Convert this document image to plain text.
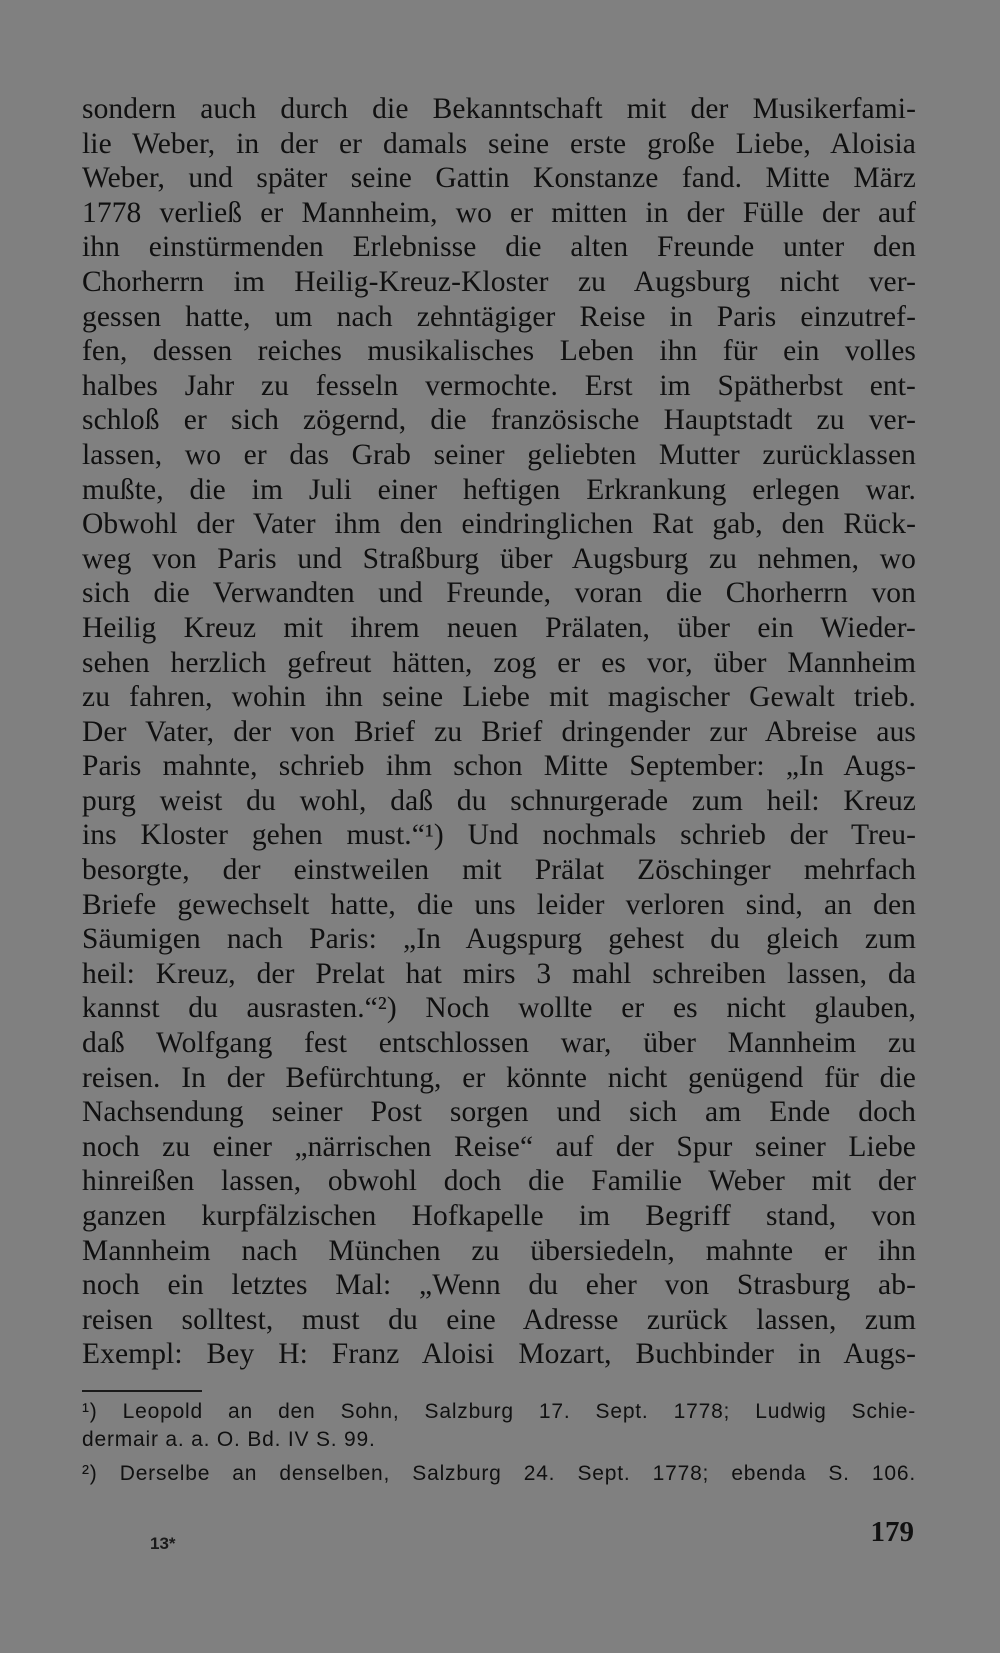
sondern auch durch die Bekanntschaft mit der Musikerfami-
lie Weber, in der er damals seine erste große Liebe, Aloisia
Weber, und später seine Gattin Konstanze fand. Mitte März
1778 verließ er Mannheim, wo er mitten in der Fülle der auf
ihn einstürmenden Erlebnisse die alten Freunde unter den
Chorherrn im Heilig-Kreuz-Kloster zu Augsburg nicht ver-
gessen hatte, um nach zehntägiger Reise in Paris einzutref-
fen, dessen reiches musikalisches Leben ihn für ein volles
halbes Jahr zu fesseln vermochte. Erst im Spätherbst ent-
schloß er sich zögernd, die französische Hauptstadt zu ver-
lassen, wo er das Grab seiner geliebten Mutter zurücklassen
mußte, die im Juli einer heftigen Erkrankung erlegen war.
Obwohl der Vater ihm den eindringlichen Rat gab, den Rück-
weg von Paris und Straßburg über Augsburg zu nehmen, wo
sich die Verwandten und Freunde, voran die Chorherrn von
Heilig Kreuz mit ihrem neuen Prälaten, über ein Wieder-
sehen herzlich gefreut hätten, zog er es vor, über Mannheim
zu fahren, wohin ihn seine Liebe mit magischer Gewalt trieb.
Der Vater, der von Brief zu Brief dringender zur Abreise aus
Paris mahnte, schrieb ihm schon Mitte September: „In Augs-
purg weist du wohl, daß du schnurgerade zum heil: Kreuz
ins Kloster gehen must.“¹) Und nochmals schrieb der Treu-
besorgte, der einstweilen mit Prälat Zöschinger mehrfach
Briefe gewechselt hatte, die uns leider verloren sind, an den
Säumigen nach Paris: „In Augspurg gehest du gleich zum
heil: Kreuz, der Prelat hat mirs 3 mahl schreiben lassen, da
kannst du ausrasten.“²) Noch wollte er es nicht glauben,
daß Wolfgang fest entschlossen war, über Mannheim zu
reisen. In der Befürchtung, er könnte nicht genügend für die
Nachsendung seiner Post sorgen und sich am Ende doch
noch zu einer „närrischen Reise“ auf der Spur seiner Liebe
hinreißen lassen, obwohl doch die Familie Weber mit der
ganzen kurpfälzischen Hofkapelle im Begriff stand, von
Mannheim nach München zu übersiedeln, mahnte er ihn
noch ein letztes Mal: „Wenn du eher von Strasburg ab-
reisen solltest, must du eine Adresse zurück lassen, zum
Exempl: Bey H: Franz Aloisi Mozart, Buchbinder in Augs-
¹) Leopold an den Sohn, Salzburg 17. Sept. 1778; Ludwig Schie-
dermair a. a. O. Bd. IV S. 99.
²) Derselbe an denselben, Salzburg 24. Sept. 1778; ebenda S. 106.
13*	179
